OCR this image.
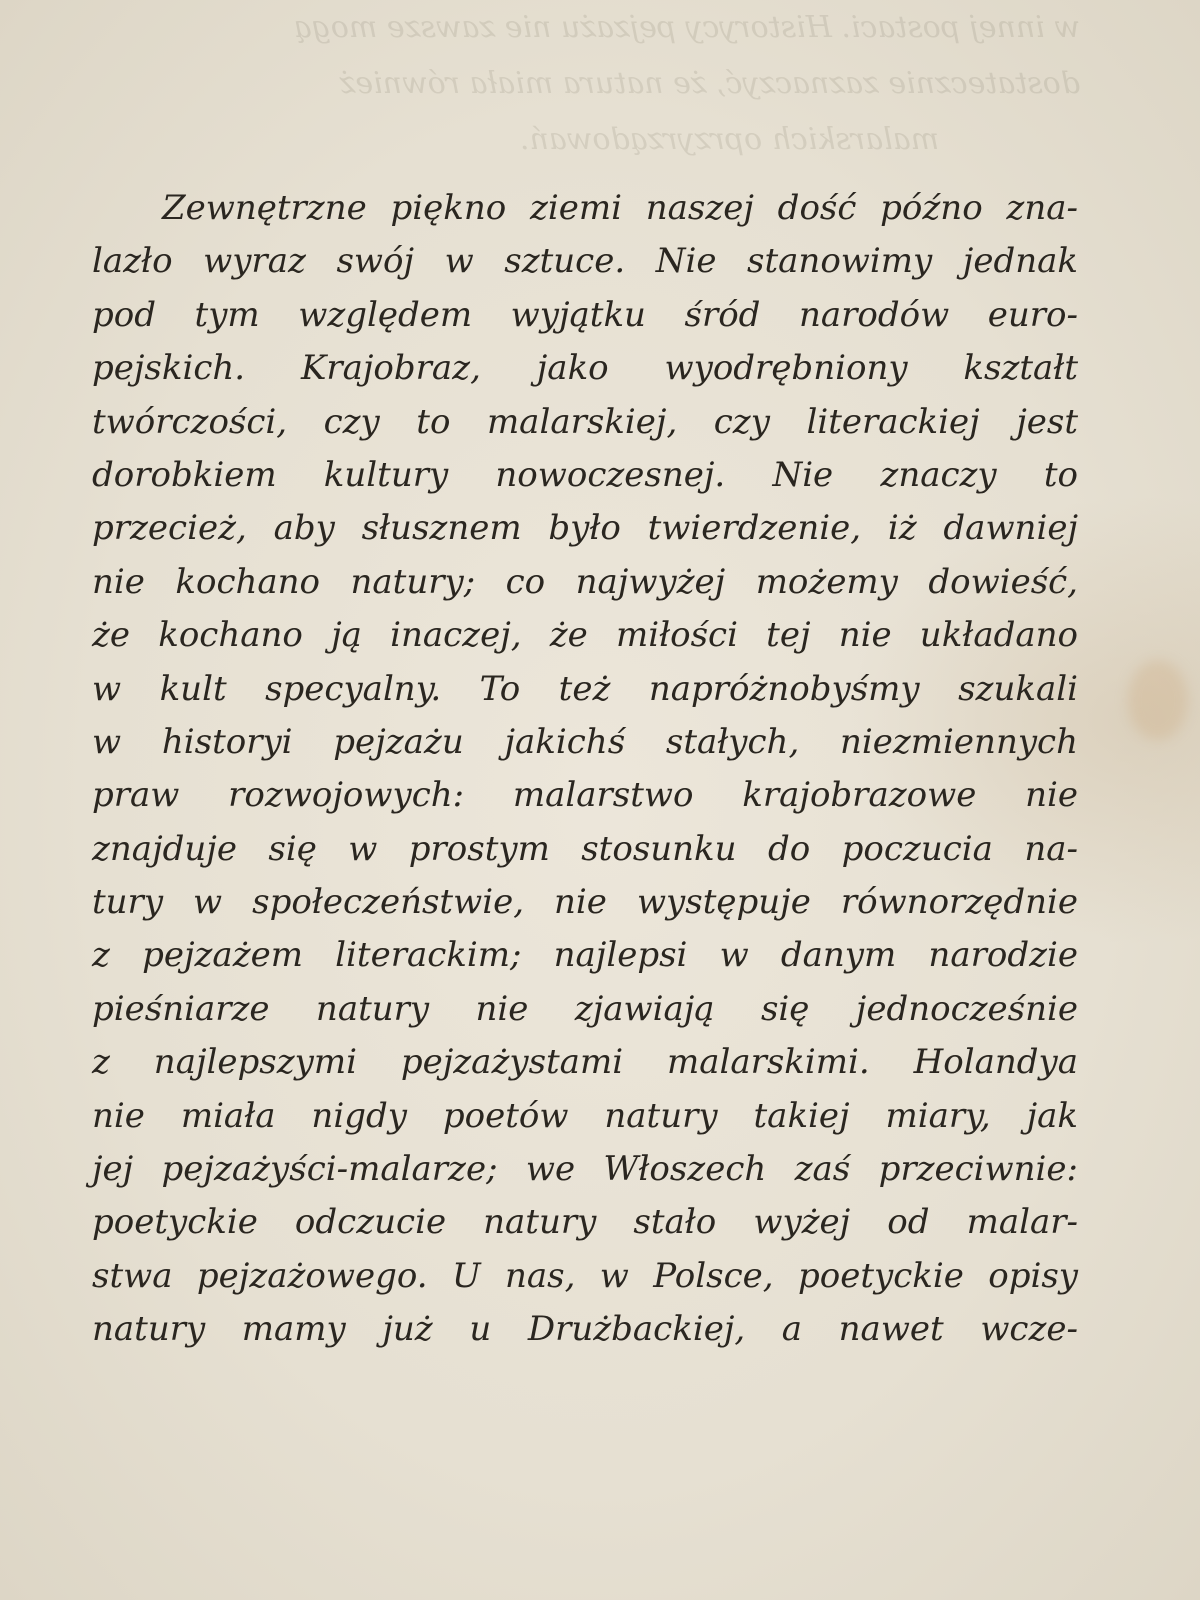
w innej postaci. Historycy pejzażu nie zawsze mogą
dostatecznie zaznaczyć, że natura miała również
malarskich oprzyrządowań.
Zewnętrzne piękno ziemi naszej dość późno zna-
lazło wyraz swój w sztuce. Nie stanowimy jednak
pod tym względem wyjątku śród narodów euro-
pejskich. Krajobraz, jako wyodrębniony kształt
twórczości, czy to malarskiej, czy literackiej jest
dorobkiem kultury nowoczesnej. Nie znaczy to
przecież, aby słusznem było twierdzenie, iż dawniej
nie kochano natury; co najwyżej możemy dowieść,
że kochano ją inaczej, że miłości tej nie układano
w kult specyalny. To też napróżnobyśmy szukali
w historyi pejzażu jakichś stałych, niezmiennych
praw rozwojowych: malarstwo krajobrazowe nie
znajduje się w prostym stosunku do poczucia na-
tury w społeczeństwie, nie występuje równorzędnie
z pejzażem literackim; najlepsi w danym narodzie
pieśniarze natury nie zjawiają się jednocześnie
z najlepszymi pejzażystami malarskimi. Holandya
nie miała nigdy poetów natury takiej miary, jak
jej pejzażyści-malarze; we Włoszech zaś przeciwnie:
poetyckie odczucie natury stało wyżej od malar-
stwa pejzażowego. U nas, w Polsce, poetyckie opisy
natury mamy już u Drużbackiej, a nawet wcze-
